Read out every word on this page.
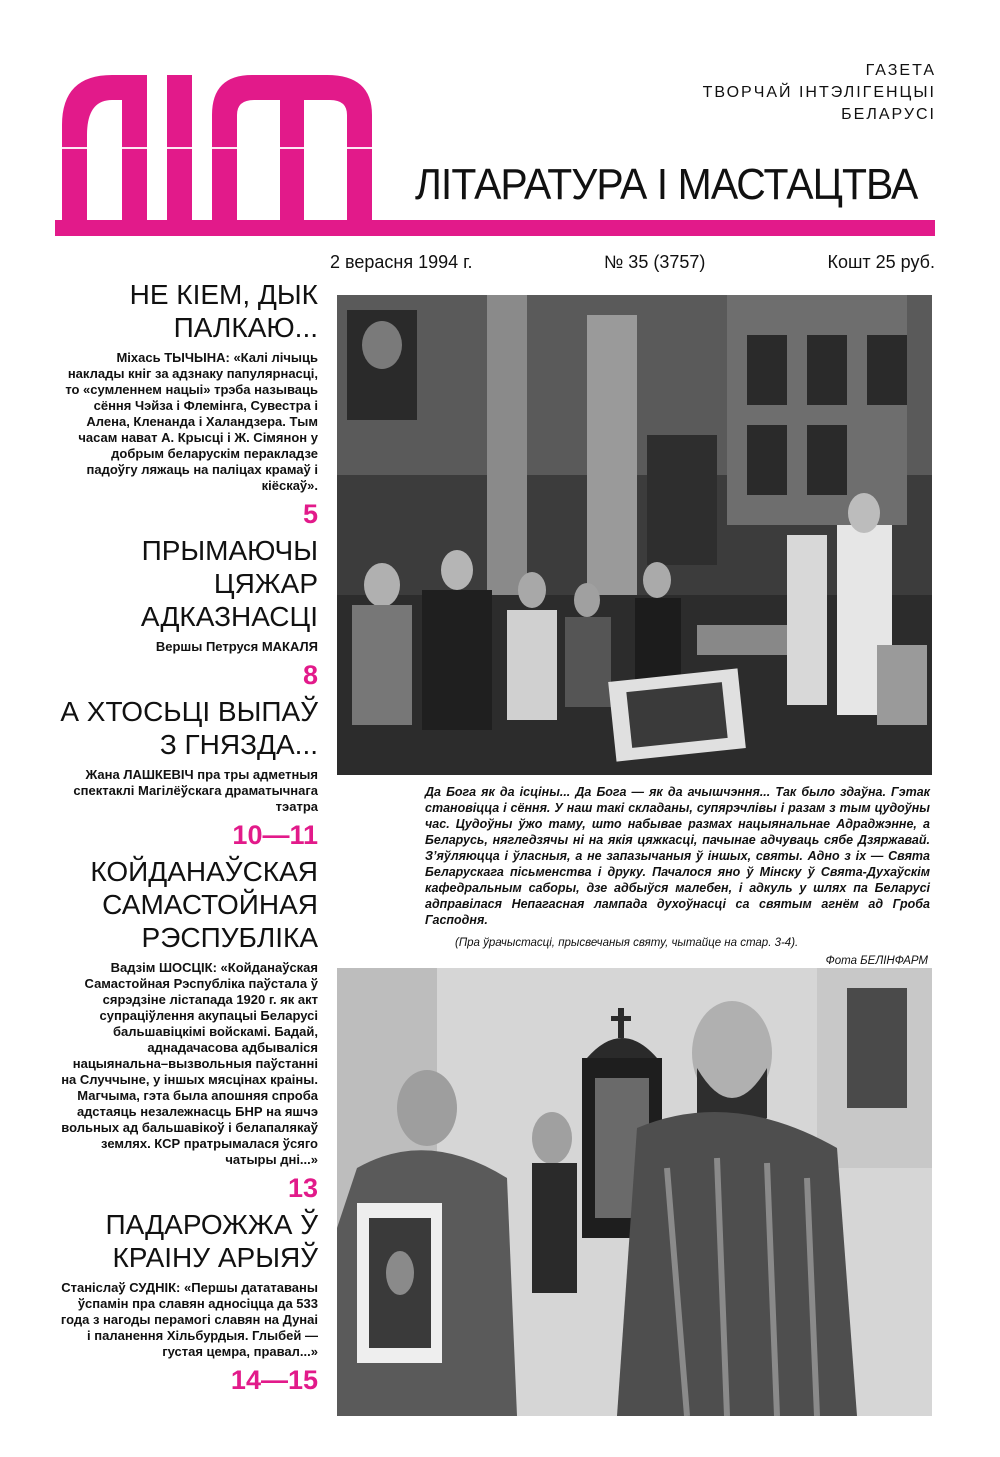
ГАЗЕТА
ТВОРЧАЙ ІНТЭЛІГЕНЦЫІ
БЕЛАРУСІ
ЛІТАРАТУРА І МАСТАЦТВА
2 верасня 1994 г.	№ 35 (3757)	Кошт 25 руб.
НЕ КІЕМ, ДЫК ПАЛКАЮ...

Міхась ТЫЧЫНА: «Калі лічыць наклады кніг за адзнаку папулярнасці, то «сумленнем нацыі» трэба называць сёння Чэйза і Флемінга, Сувестра і Алена, Кленанда і Халандзера. Тым часам нават А. Крысці і Ж. Сімянон у добрым беларускім перакладзе падоўгу ляжаць на паліцах крамаў і кіёскаў».

5
ПРЫМАЮЧЫ ЦЯЖАР АДКАЗНАСЦІ

Вершы Петруся МАКАЛЯ

8
А ХТОСЬЦІ ВЫПАЎ З ГНЯЗДА...

Жана ЛАШКЕВІЧ пра тры адметныя спектаклі Магілёўскага драматычнага тэатра

10—11
КОЙДАНАЎСКАЯ САМАСТОЙНАЯ РЭСПУБЛІКА

Вадзім ШОСЦІК: «Койданаўская Самастойная Рэспубліка паўстала ў сярэдзіне лістапада 1920 г. як акт супраціўлення акупацыі Беларусі бальшавіцкімі войскамі. Бадай, аднадачасова адбываліся нацыянальна–вызвольныя паўстанні на Случчыне, у іншых мясцінах краіны. Магчыма, гэта была апошняя спроба адстаяць незалежнасць БНР на яшчэ вольных ад бальшавікоў і белапалякаў землях. КСР пратрымалася ўсяго чатыры дні...»

13
ПАДАРОЖЖА Ў КРАІНУ АРЫЯЎ

Станіслаў СУДНІК: «Першы дататаваны ўспамін пра славян адносіцца да 533 года з нагоды перамогі славян на Дунаі і паланення Хільбурдыя. Глыбей — густая цемра, правал...»

14—15
Да Бога як да ісціны... Да Бога — як да ачышчэння... Так было здаўна. Гэтак становіцца і сёння. У наш такі складаны, супярэчлівы і разам з тым цудоўны час. Цудоўны ўжо таму, што набывае размах нацыянальнае Адраджэнне, а Беларусь, нягледзячы ні на якія цяжкасці, пачынае адчуваць сябе Дзяржавай. З’яўляюцца і ўласныя, а не запазычаныя ў іншых, святы. Адно з іх — Свята Беларускага пісьменства і друку. Пачалося яно ў Мінску ў Свята-Духаўскім кафедральным саборы, дзе адбыўся малебен, і адкуль у шлях па Беларусі адправілася Непагасная лампада духоўнасці са святым агнём ад Гроба Гасподня.
(Пра ўрачыстасці, прысвечаныя святу, чытайце на стар. 3-4).
Фота БЕЛІНФАРМ
